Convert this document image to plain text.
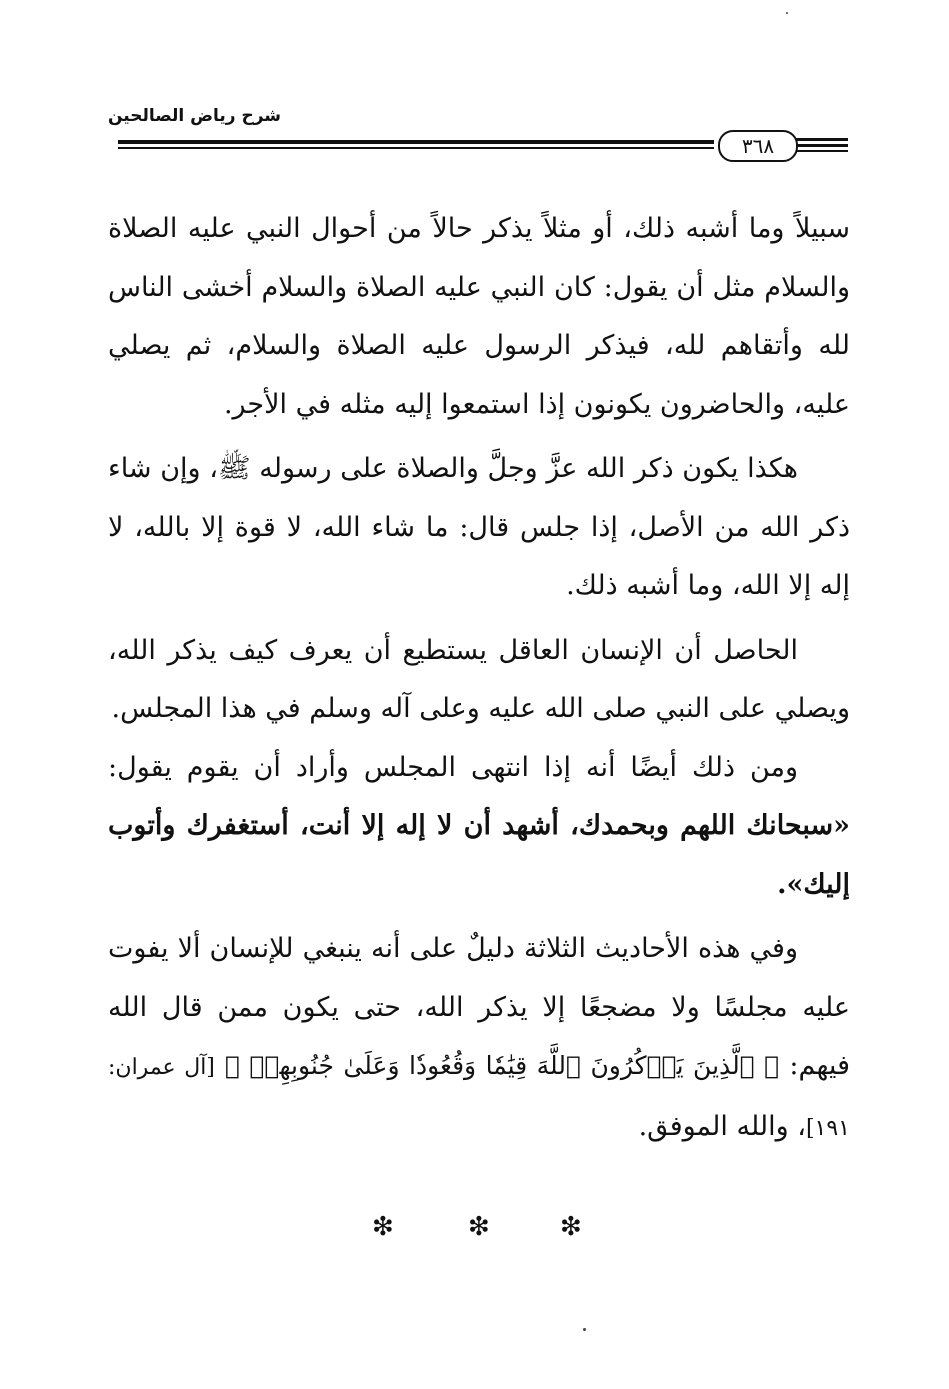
شرح رياض الصالحين
٣٦٨

سبيلاً وما أشبه ذلك، أو مثلاً يذكر حالاً من أحوال النبي عليه الصلاة والسلام مثل أن يقول: كان النبي عليه الصلاة والسلام أخشى الناس لله وأتقاهم لله، فيذكر الرسول عليه الصلاة والسلام، ثم يصلي عليه، والحاضرون يكونون إذا استمعوا إليه مثله في الأجر.

هكذا يكون ذكر الله عزَّ وجلَّ والصلاة على رسوله ﷺ، وإن شاء ذكر الله من الأصل، إذا جلس قال: ما شاء الله، لا قوة إلا بالله، لا إله إلا الله، وما أشبه ذلك.

الحاصل أن الإنسان العاقل يستطيع أن يعرف كيف يذكر الله، ويصلي على النبي صلى الله عليه وعلى آله وسلم في هذا المجلس.

ومن ذلك أيضًا أنه إذا انتهى المجلس وأراد أن يقوم يقول: «سبحانك اللهم وبحمدك، أشهد أن لا إله إلا أنت، أستغفرك وأتوب إليك».

وفي هذه الأحاديث الثلاثة دليلٌ على أنه ينبغي للإنسان ألا يفوت عليه مجلسًا ولا مضجعًا إلا يذكر الله، حتى يكون ممن قال الله فيهم: ﴿ ٱلَّذِينَ يَذۡكُرُونَ ٱللَّهَ قِيَٰمٗا وَقُعُودٗا وَعَلَىٰ جُنُوبِهِمۡ ﴾ [آل عمران: ١٩١]، والله الموفق.

❇	❇	❇
